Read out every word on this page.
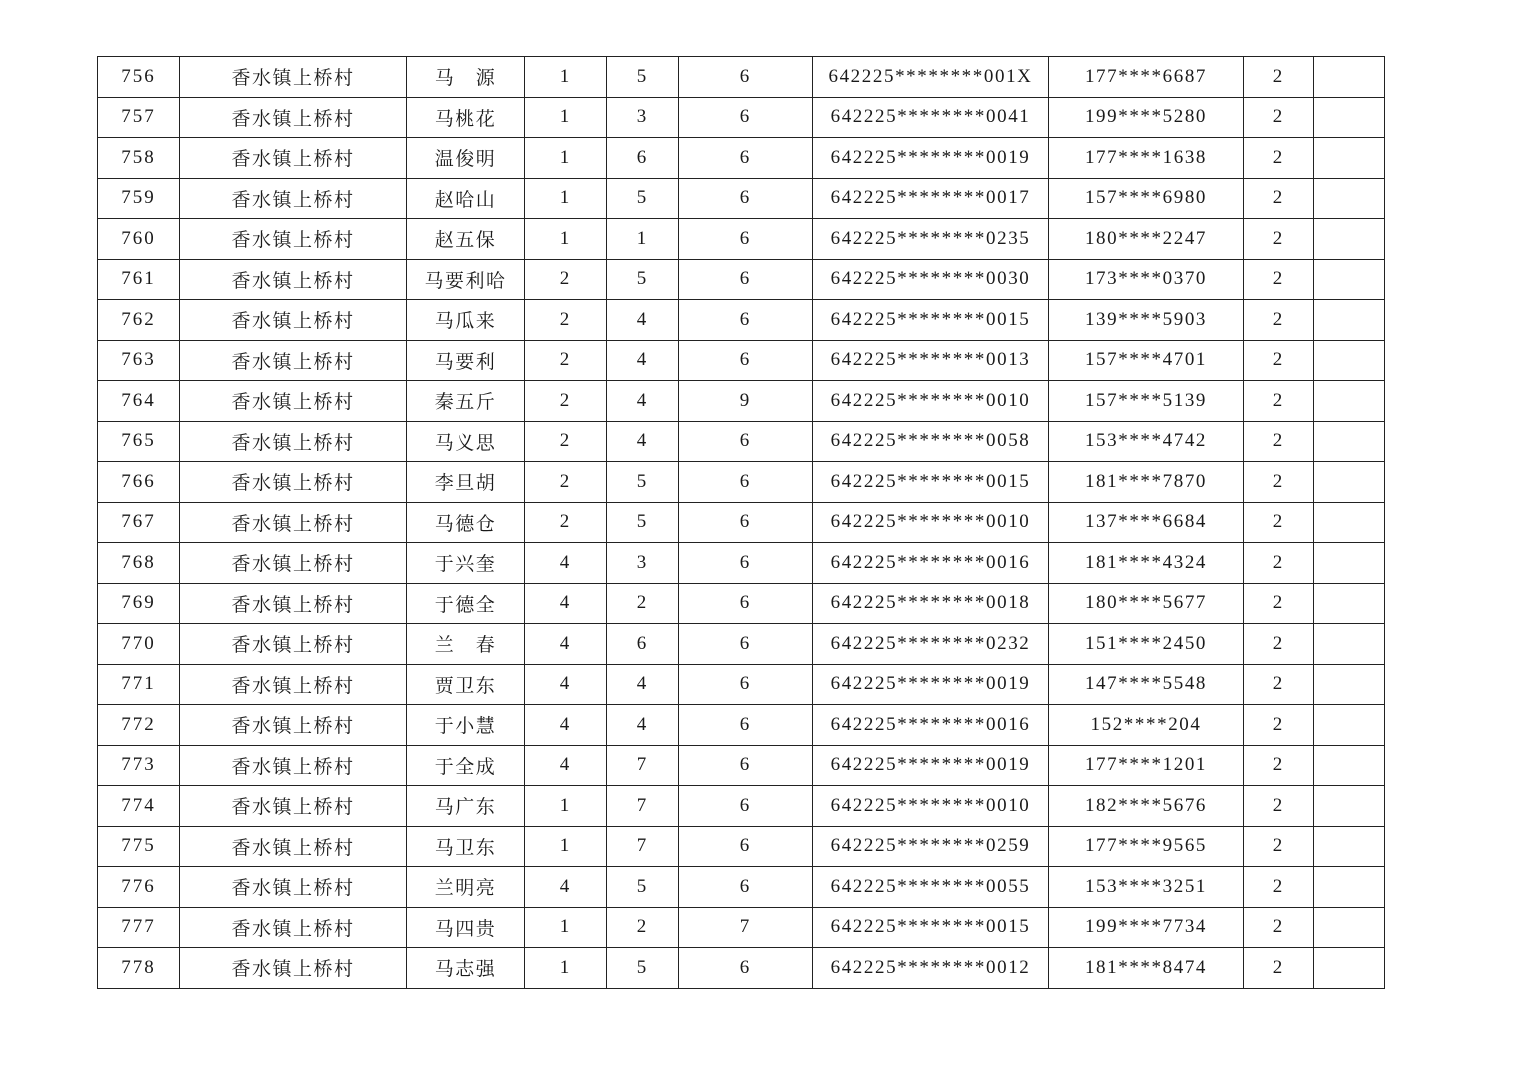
756	香水镇上桥村	马　源	1	5	6	642225********001X	177****6687	2	
757	香水镇上桥村	马桃花	1	3	6	642225********0041	199****5280	2	
758	香水镇上桥村	温俊明	1	6	6	642225********0019	177****1638	2	
759	香水镇上桥村	赵哈山	1	5	6	642225********0017	157****6980	2	
760	香水镇上桥村	赵五保	1	1	6	642225********0235	180****2247	2	
761	香水镇上桥村	马要利哈	2	5	6	642225********0030	173****0370	2	
762	香水镇上桥村	马瓜来	2	4	6	642225********0015	139****5903	2	
763	香水镇上桥村	马要利	2	4	6	642225********0013	157****4701	2	
764	香水镇上桥村	秦五斤	2	4	9	642225********0010	157****5139	2	
765	香水镇上桥村	马义思	2	4	6	642225********0058	153****4742	2	
766	香水镇上桥村	李旦胡	2	5	6	642225********0015	181****7870	2	
767	香水镇上桥村	马德仓	2	5	6	642225********0010	137****6684	2	
768	香水镇上桥村	于兴奎	4	3	6	642225********0016	181****4324	2	
769	香水镇上桥村	于德全	4	2	6	642225********0018	180****5677	2	
770	香水镇上桥村	兰　春	4	6	6	642225********0232	151****2450	2	
771	香水镇上桥村	贾卫东	4	4	6	642225********0019	147****5548	2	
772	香水镇上桥村	于小慧	4	4	6	642225********0016	152****204	2	
773	香水镇上桥村	于全成	4	7	6	642225********0019	177****1201	2	
774	香水镇上桥村	马广东	1	7	6	642225********0010	182****5676	2	
775	香水镇上桥村	马卫东	1	7	6	642225********0259	177****9565	2	
776	香水镇上桥村	兰明亮	4	5	6	642225********0055	153****3251	2	
777	香水镇上桥村	马四贵	1	2	7	642225********0015	199****7734	2	
778	香水镇上桥村	马志强	1	5	6	642225********0012	181****8474	2	
